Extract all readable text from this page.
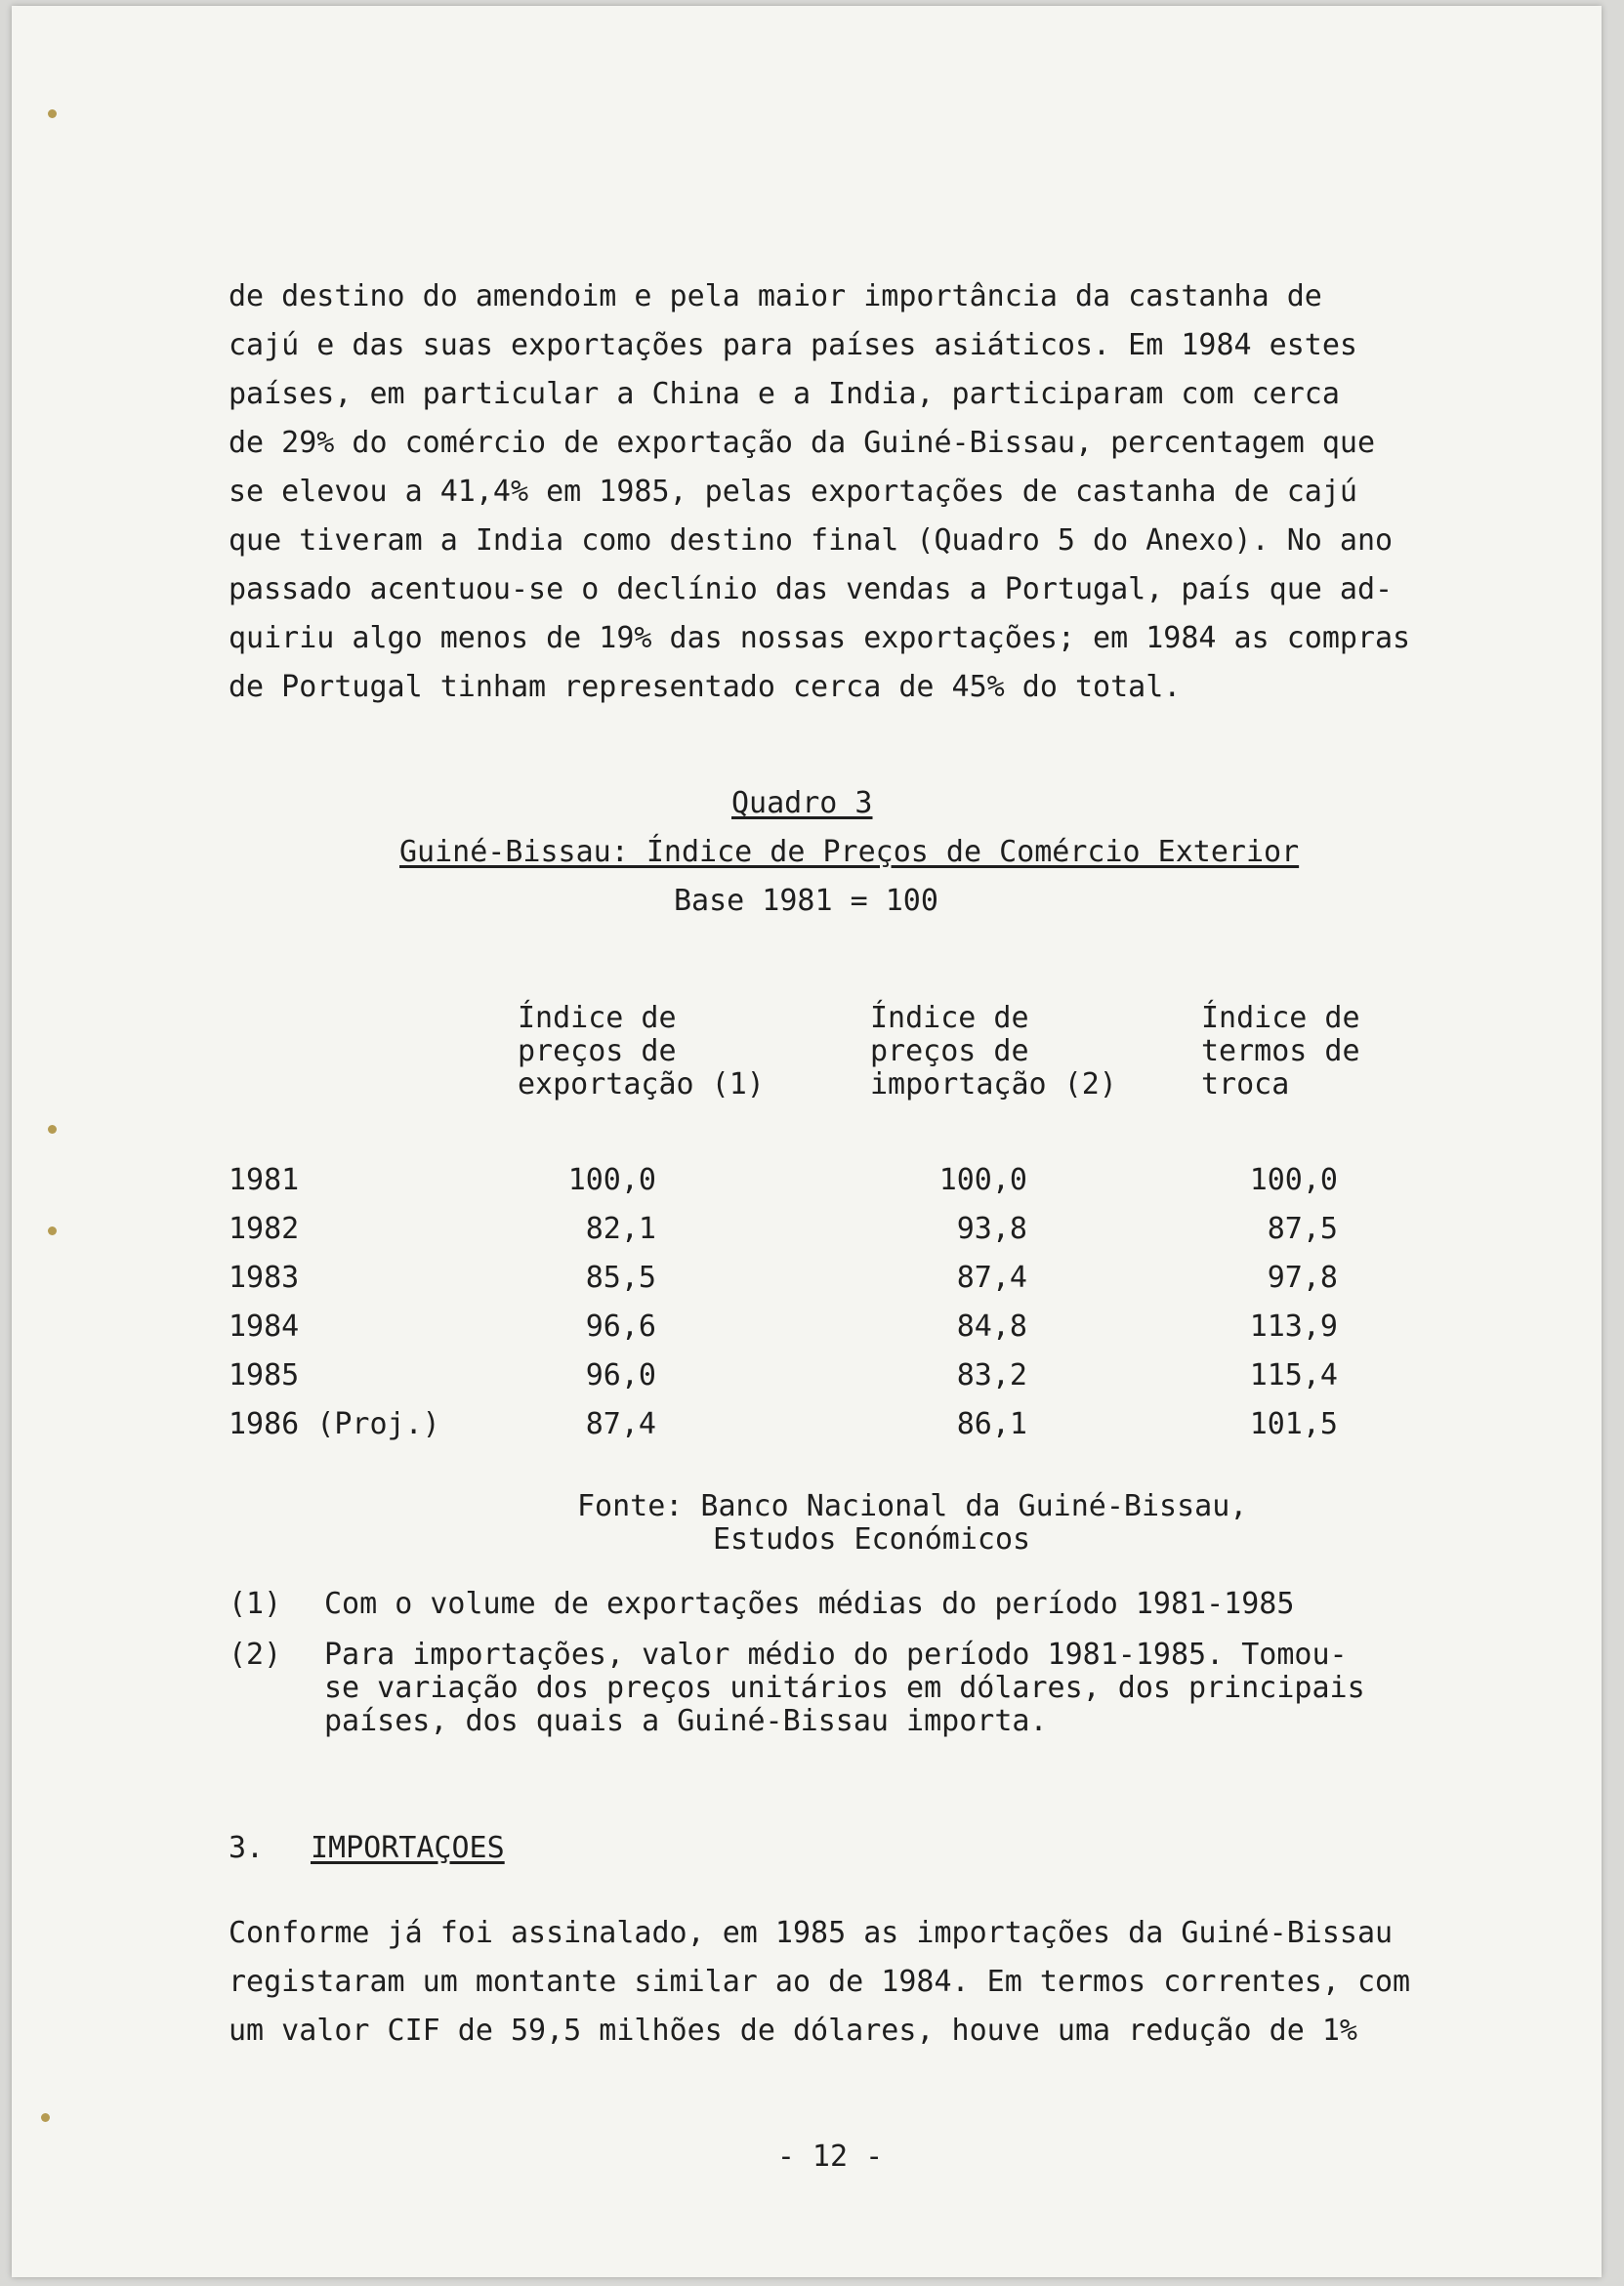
de destino do amendoim e pela maior importância da castanha de
cajú e das suas exportações para países asiáticos. Em 1984 estes
países, em particular a China e a India, participaram com cerca
de 29% do comércio de exportação da Guiné-Bissau, percentagem que
se elevou a 41,4% em 1985, pelas exportações de castanha de cajú
que tiveram a India como destino final (Quadro 5 do Anexo). No ano
passado acentuou-se o declínio das vendas a Portugal, país que ad-
quiriu algo menos de 19% das nossas exportações; em 1984 as compras
de Portugal tinham representado cerca de 45% do total.
Quadro 3
Guiné-Bissau: Índice de Preços de Comércio Exterior
Base 1981 = 100
Índice de
preços de
exportação (1)
Índice de
preços de
importação (2)
Índice de
termos de
troca
1981	100,0	100,0	100,0
1982	82,1	93,8	87,5
1983	85,5	87,4	97,8
1984	96,6	84,8	113,9
1985	96,0	83,2	115,4
1986 (Proj.)	87,4	86,1	101,5
Fonte: Banco Nacional da Guiné-Bissau,
Estudos Económicos
(1) Com o volume de exportações médias do período 1981-1985
(2) Para importações, valor médio do período 1981-1985. Tomou-
se variação dos preços unitários em dólares, dos principais
países, dos quais a Guiné-Bissau importa.
3. IMPORTAÇOES
Conforme já foi assinalado, em 1985 as importações da Guiné-Bissau
registaram um montante similar ao de 1984. Em termos correntes, com
um valor CIF de 59,5 milhões de dólares, houve uma redução de 1%
- 12 -
